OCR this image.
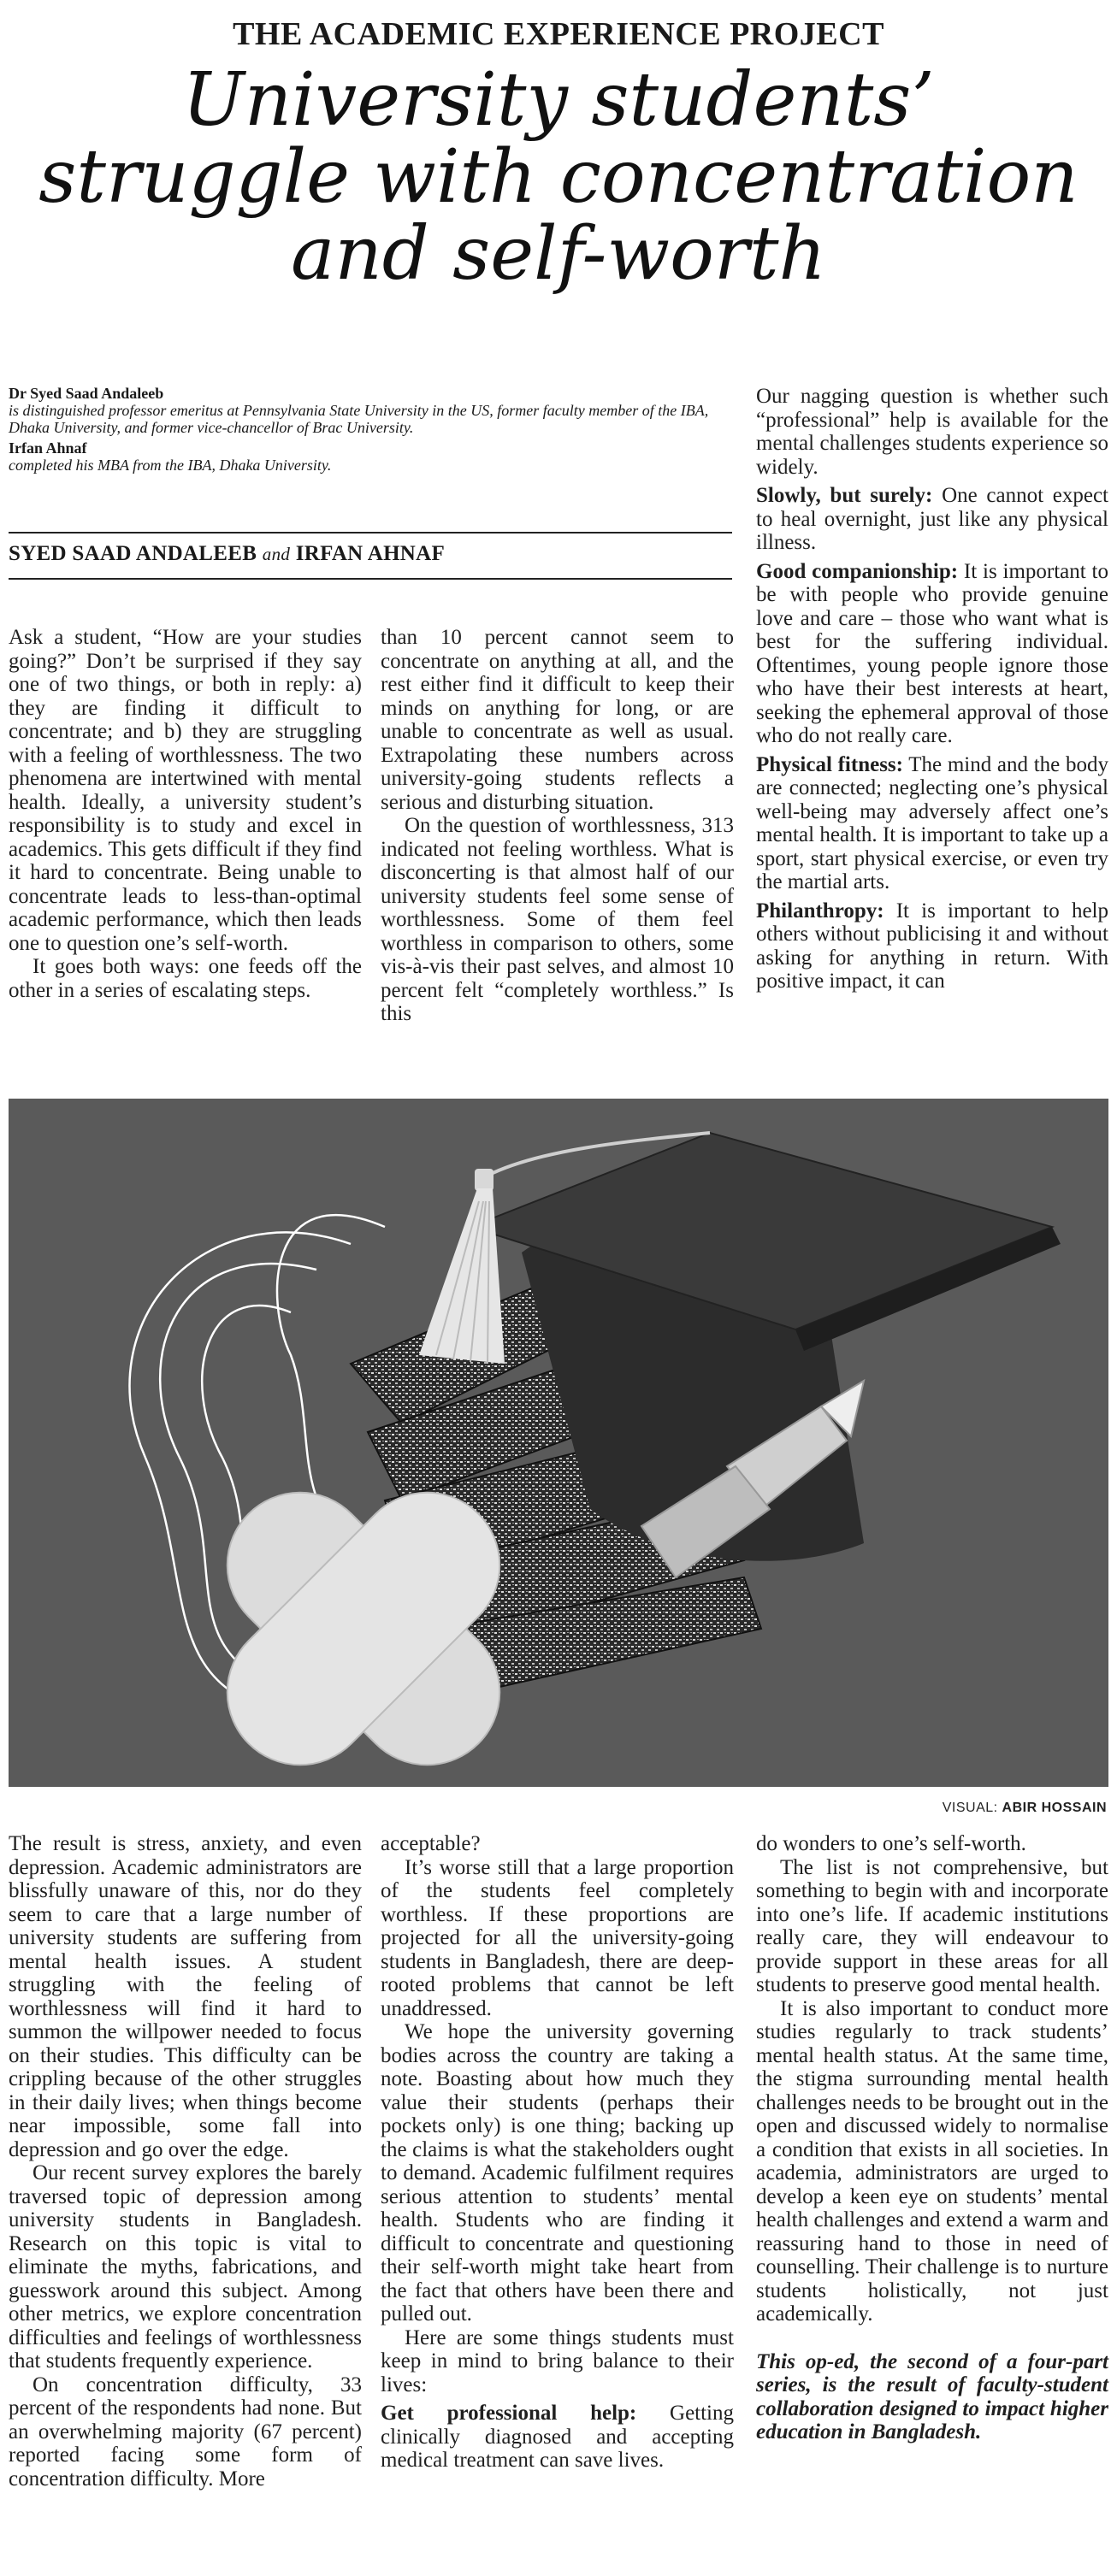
THE ACADEMIC EXPERIENCE PROJECT
University students’
struggle with concentration
and self-worth
Dr Syed Saad Andaleeb
is distinguished professor emeritus at Pennsylvania State University in the US, former faculty member of the IBA, Dhaka University, and former vice-chancellor of Brac University.
Irfan Ahnaf
completed his MBA from the IBA, Dhaka University.
SYED SAAD ANDALEEB and IRFAN AHNAF

Ask a student, “How are your studies going?” Don’t be surprised if they say one of two things, or both in reply: a) they are finding it difficult to concentrate; and b) they are struggling with a feeling of worthlessness. The two phenomena are intertwined with mental health. Ideally, a university student’s responsibility is to study and excel in academics. This gets difficult if they find it hard to concentrate. Being unable to concentrate leads to less-than-optimal academic performance, which then leads one to question one’s self-worth.

It goes both ways: one feeds off the other in a series of escalating steps.

than 10 percent cannot seem to concentrate on anything at all, and the rest either find it difficult to keep their minds on anything for long, or are unable to concentrate as well as usual. Extrapolating these numbers across university-going students reflects a serious and disturbing situation.

On the question of worthlessness, 313 indicated not feeling worthless. What is disconcerting is that almost half of our university students feel some sense of worthlessness. Some of them feel worthless in comparison to others, some vis-à-vis their past selves, and almost 10 percent felt “completely worthless.” Is this

Our nagging question is whether such “professional” help is available for the mental challenges students experience so widely.

Slowly, but surely: One cannot expect to heal overnight, just like any physical illness.

Good companionship: It is important to be with people who provide genuine love and care – those who want what is best for the suffering individual. Oftentimes, young people ignore those who have their best interests at heart, seeking the ephemeral approval of those who do not really care.

Physical fitness: The mind and the body are connected; neglecting one’s physical well-being may adversely affect one’s mental health. It is important to take up a sport, start physical exercise, or even try the martial arts.

Philanthropy: It is important to help others without publicising it and without asking for anything in return. With positive impact, it can

VISUAL: ABIR HOSSAIN

The result is stress, anxiety, and even depression. Academic administrators are blissfully unaware of this, nor do they seem to care that a large number of university students are suffering from mental health issues. A student struggling with the feeling of worthlessness will find it hard to summon the willpower needed to focus on their studies. This difficulty can be crippling because of the other struggles in their daily lives; when things become near impossible, some fall into depression and go over the edge.

Our recent survey explores the barely traversed topic of depression among university students in Bangladesh. Research on this topic is vital to eliminate the myths, fabrications, and guesswork around this subject. Among other metrics, we explore concentration difficulties and feelings of worthlessness that students frequently experience.

On concentration difficulty, 33 percent of the respondents had none. But an overwhelming majority (67 percent) reported facing some form of concentration difficulty. More

acceptable?

It’s worse still that a large proportion of the students feel completely worthless. If these proportions are projected for all the university-going students in Bangladesh, there are deep-rooted problems that cannot be left unaddressed.

We hope the university governing bodies across the country are taking a note. Boasting about how much they value their students (perhaps their pockets only) is one thing; backing up the claims is what the stakeholders ought to demand. Academic fulfilment requires serious attention to students’ mental health. Students who are finding it difficult to concentrate and questioning their self-worth might take heart from the fact that others have been there and pulled out.

Here are some things students must keep in mind to bring balance to their lives:

Get professional help: Getting clinically diagnosed and accepting medical treatment can save lives.

do wonders to one’s self-worth.

The list is not comprehensive, but something to begin with and incorporate into one’s life. If academic institutions really care, they will endeavour to provide support in these areas for all students to preserve good mental health.

It is also important to conduct more studies regularly to track students’ mental health status. At the same time, the stigma surrounding mental health challenges needs to be brought out in the open and discussed widely to normalise a condition that exists in all societies. In academia, administrators are urged to develop a keen eye on students’ mental health challenges and extend a warm and reassuring hand to those in need of counselling. Their challenge is to nurture students holistically, not just academically.

This op-ed, the second of a four-part series, is the result of faculty-student collaboration designed to impact higher education in Bangladesh.
